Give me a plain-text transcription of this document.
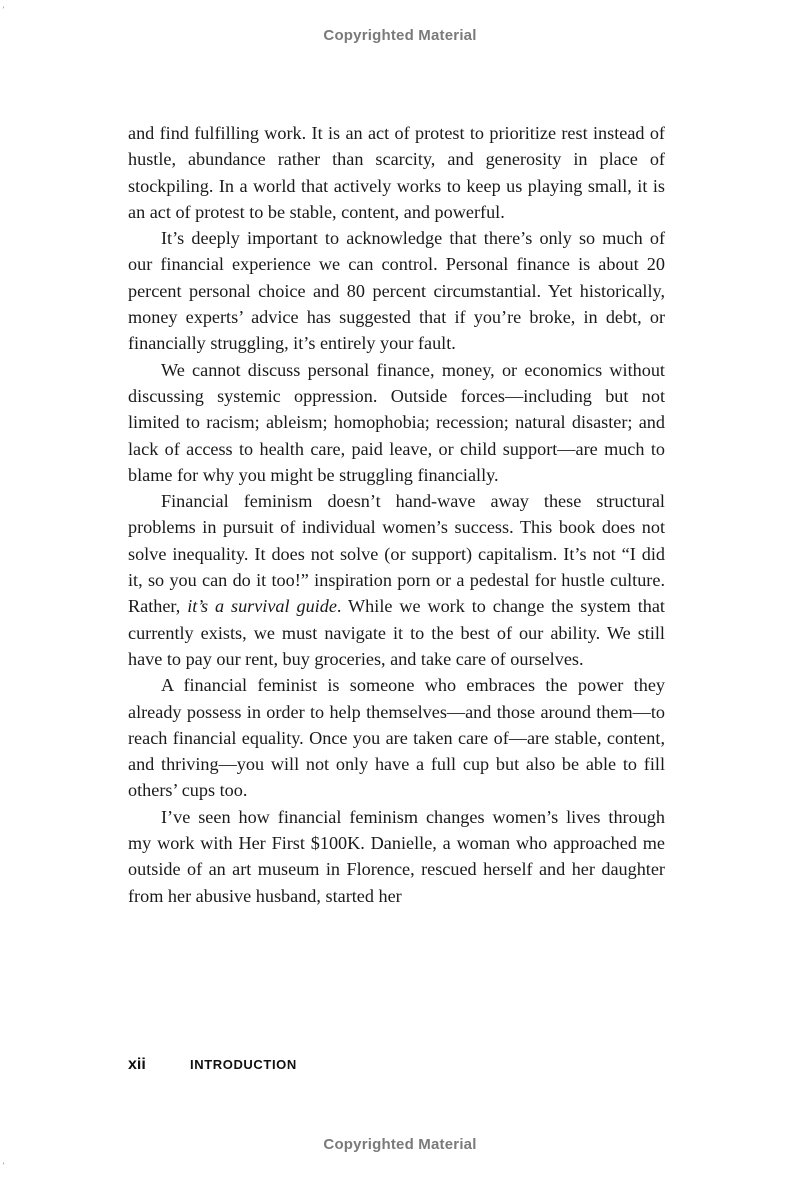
Copyrighted Material
’

and find fulfilling work. It is an act of protest to prioritize rest instead of hustle, abundance rather than scarcity, and generosity in place of stockpiling. In a world that actively works to keep us playing small, it is an act of protest to be stable, content, and powerful.

It’s deeply important to acknowledge that there’s only so much of our financial experience we can control. Personal finance is about 20 percent personal choice and 80 percent circumstantial. Yet historically, money experts’ advice has suggested that if you’re broke, in debt, or financially struggling, it’s entirely your fault.

We cannot discuss personal finance, money, or economics without discussing systemic oppression. Outside forces—including but not limited to racism; ableism; homophobia; recession; natural disaster; and lack of access to health care, paid leave, or child support—are much to blame for why you might be struggling financially.

Financial feminism doesn’t hand-wave away these structural problems in pursuit of individual women’s success. This book does not solve inequality. It does not solve (or support) capitalism. It’s not “I did it, so you can do it too!” inspiration porn or a pedestal for hustle culture. Rather, it’s a survival guide. While we work to change the system that currently exists, we must navigate it to the best of our ability. We still have to pay our rent, buy groceries, and take care of ourselves.

A financial feminist is someone who embraces the power they already possess in order to help themselves—and those around them—to reach financial equality. Once you are taken care of—are stable, content, and thriving—you will not only have a full cup but also be able to fill others’ cups too.

I’ve seen how financial feminism changes women’s lives through my work with Her First $100K. Danielle, a woman who approached me outside of an art museum in Florence, rescued herself and her daughter from her abusive husband, started her

xii	INTRODUCTION
’
Copyrighted Material
